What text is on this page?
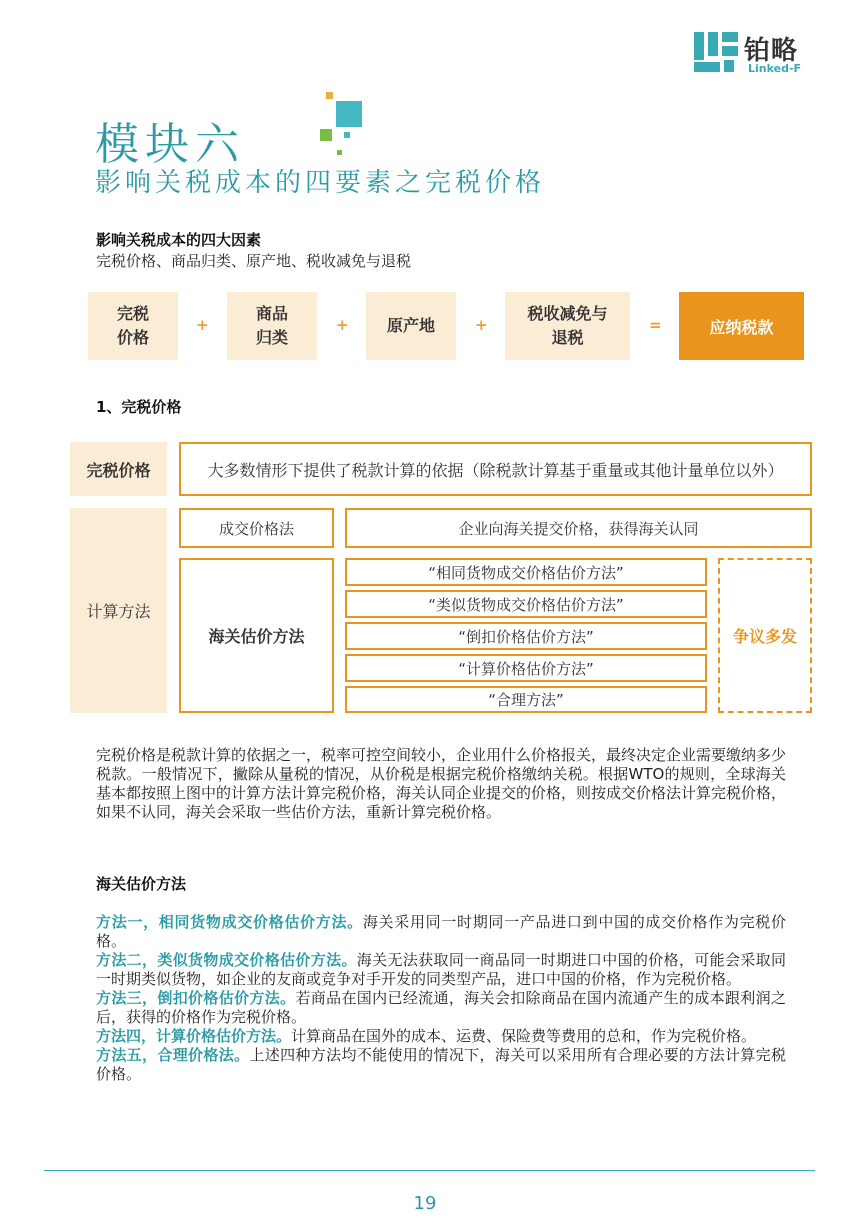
铂略
Linked-F
模块六
影响关税成本的四要素之完税价格
影响关税成本的四大因素
完税价格、商品归类、原产地、税收减免与退税
完税
价格
+
商品
归类
+ 原产地	+
税收减免与
退税
=	应纳税款
1、完税价格
完税价格	大多数情形下提供了税款计算的依据（除税款计算基于重量或其他计量单位以外）
计算方法
成交价格法	企业向海关提交价格，获得海关认同
海关估价方法
“相同货物成交价格估价方法”
“类似货物成交价格估价方法”
“倒扣价格估价方法”
“计算价格估价方法”
“合理方法”
争议多发

完税价格是税款计算的依据之一，税率可控空间较小，企业用什么价格报关，最终决定企业需要缴纳多少税款。一般情况下，撇除从量税的情况，从价税是根据完税价格缴纳关税。根据WTO的规则，全球海关基本都按照上图中的计算方法计算完税价格，海关认同企业提交的价格，则按成交价格法计算完税价格，如果不认同，海关会采取一些估价方法，重新计算完税价格。

海关估价方法

方法一，相同货物成交价格估价方法。海关采用同一时期同一产品进口到中国的成交价格作为完税价格。

方法二，类似货物成交价格估价方法。海关无法获取同一商品同一时期进口中国的价格，可能会采取同一时期类似货物，如企业的友商或竞争对手开发的同类型产品，进口中国的价格，作为完税价格。

方法三，倒扣价格估价方法。若商品在国内已经流通，海关会扣除商品在国内流通产生的成本跟利润之后，获得的价格作为完税价格。

方法四，计算价格估价方法。计算商品在国外的成本、运费、保险费等费用的总和，作为完税价格。

方法五，合理价格法。上述四种方法均不能使用的情况下，海关可以采用所有合理必要的方法计算完税价格。

19
